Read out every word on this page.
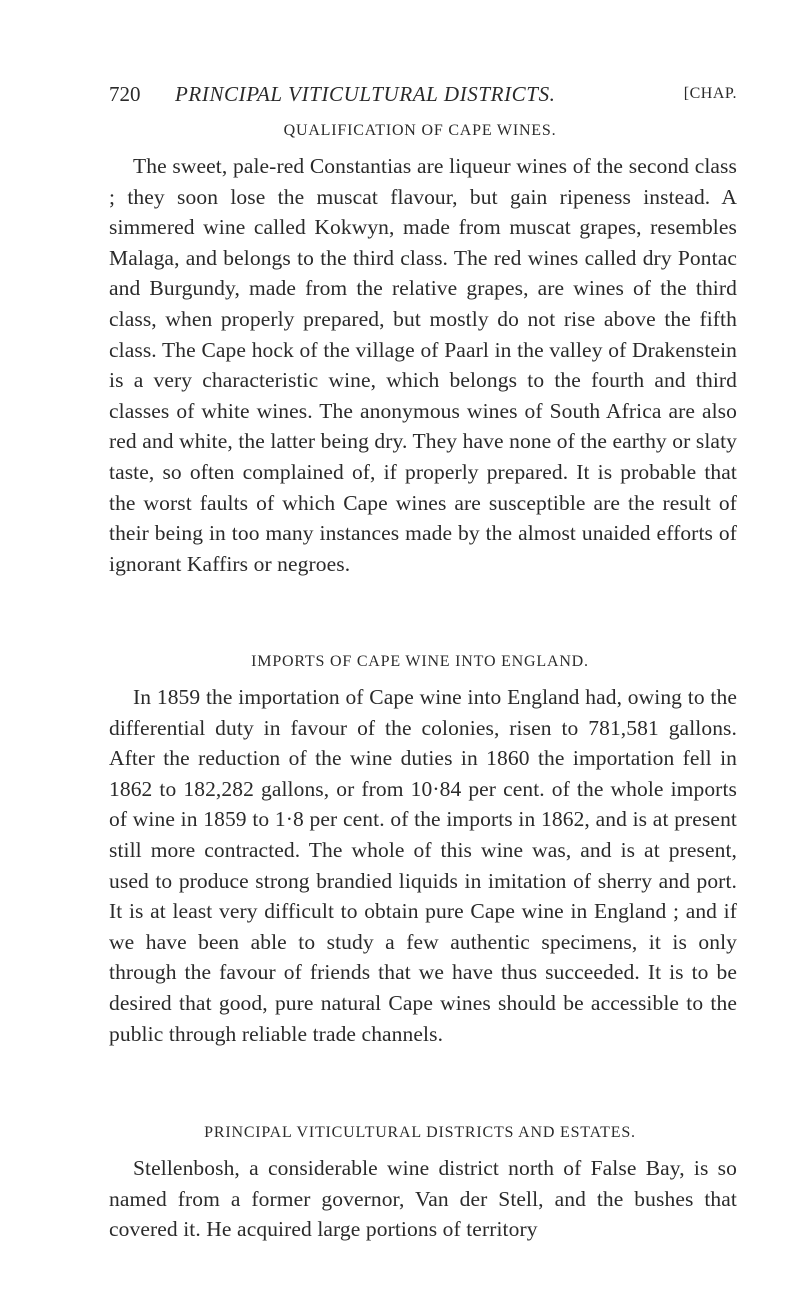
720 PRINCIPAL VITICULTURAL DISTRICTS.	[CHAP.
QUALIFICATION OF CAPE WINES.

The sweet, pale-red Constantias are liqueur wines of the second class ; they soon lose the muscat flavour, but gain ripeness instead. A simmered wine called Kokwyn, made from muscat grapes, resembles Malaga, and belongs to the third class. The red wines called dry Pontac and Burgundy, made from the relative grapes, are wines of the third class, when properly prepared, but mostly do not rise above the fifth class. The Cape hock of the village of Paarl in the valley of Drakenstein is a very characteristic wine, which belongs to the fourth and third classes of white wines. The anonymous wines of South Africa are also red and white, the latter being dry. They have none of the earthy or slaty taste, so often complained of, if properly prepared. It is probable that the worst faults of which Cape wines are susceptible are the result of their being in too many instances made by the almost unaided efforts of ignorant Kaffirs or negroes.

IMPORTS OF CAPE WINE INTO ENGLAND.

In 1859 the importation of Cape wine into England had, owing to the differential duty in favour of the colonies, risen to 781,581 gallons. After the reduction of the wine duties in 1860 the importation fell in 1862 to 182,282 gallons, or from 10·84 per cent. of the whole imports of wine in 1859 to 1·8 per cent. of the imports in 1862, and is at present still more contracted. The whole of this wine was, and is at present, used to produce strong brandied liquids in imitation of sherry and port. It is at least very difficult to obtain pure Cape wine in England ; and if we have been able to study a few authentic specimens, it is only through the favour of friends that we have thus succeeded. It is to be desired that good, pure natural Cape wines should be accessible to the public through reliable trade channels.

PRINCIPAL VITICULTURAL DISTRICTS AND ESTATES.

Stellenbosh, a considerable wine district north of False Bay, is so named from a former governor, Van der Stell, and the bushes that covered it. He acquired large portions of territory
